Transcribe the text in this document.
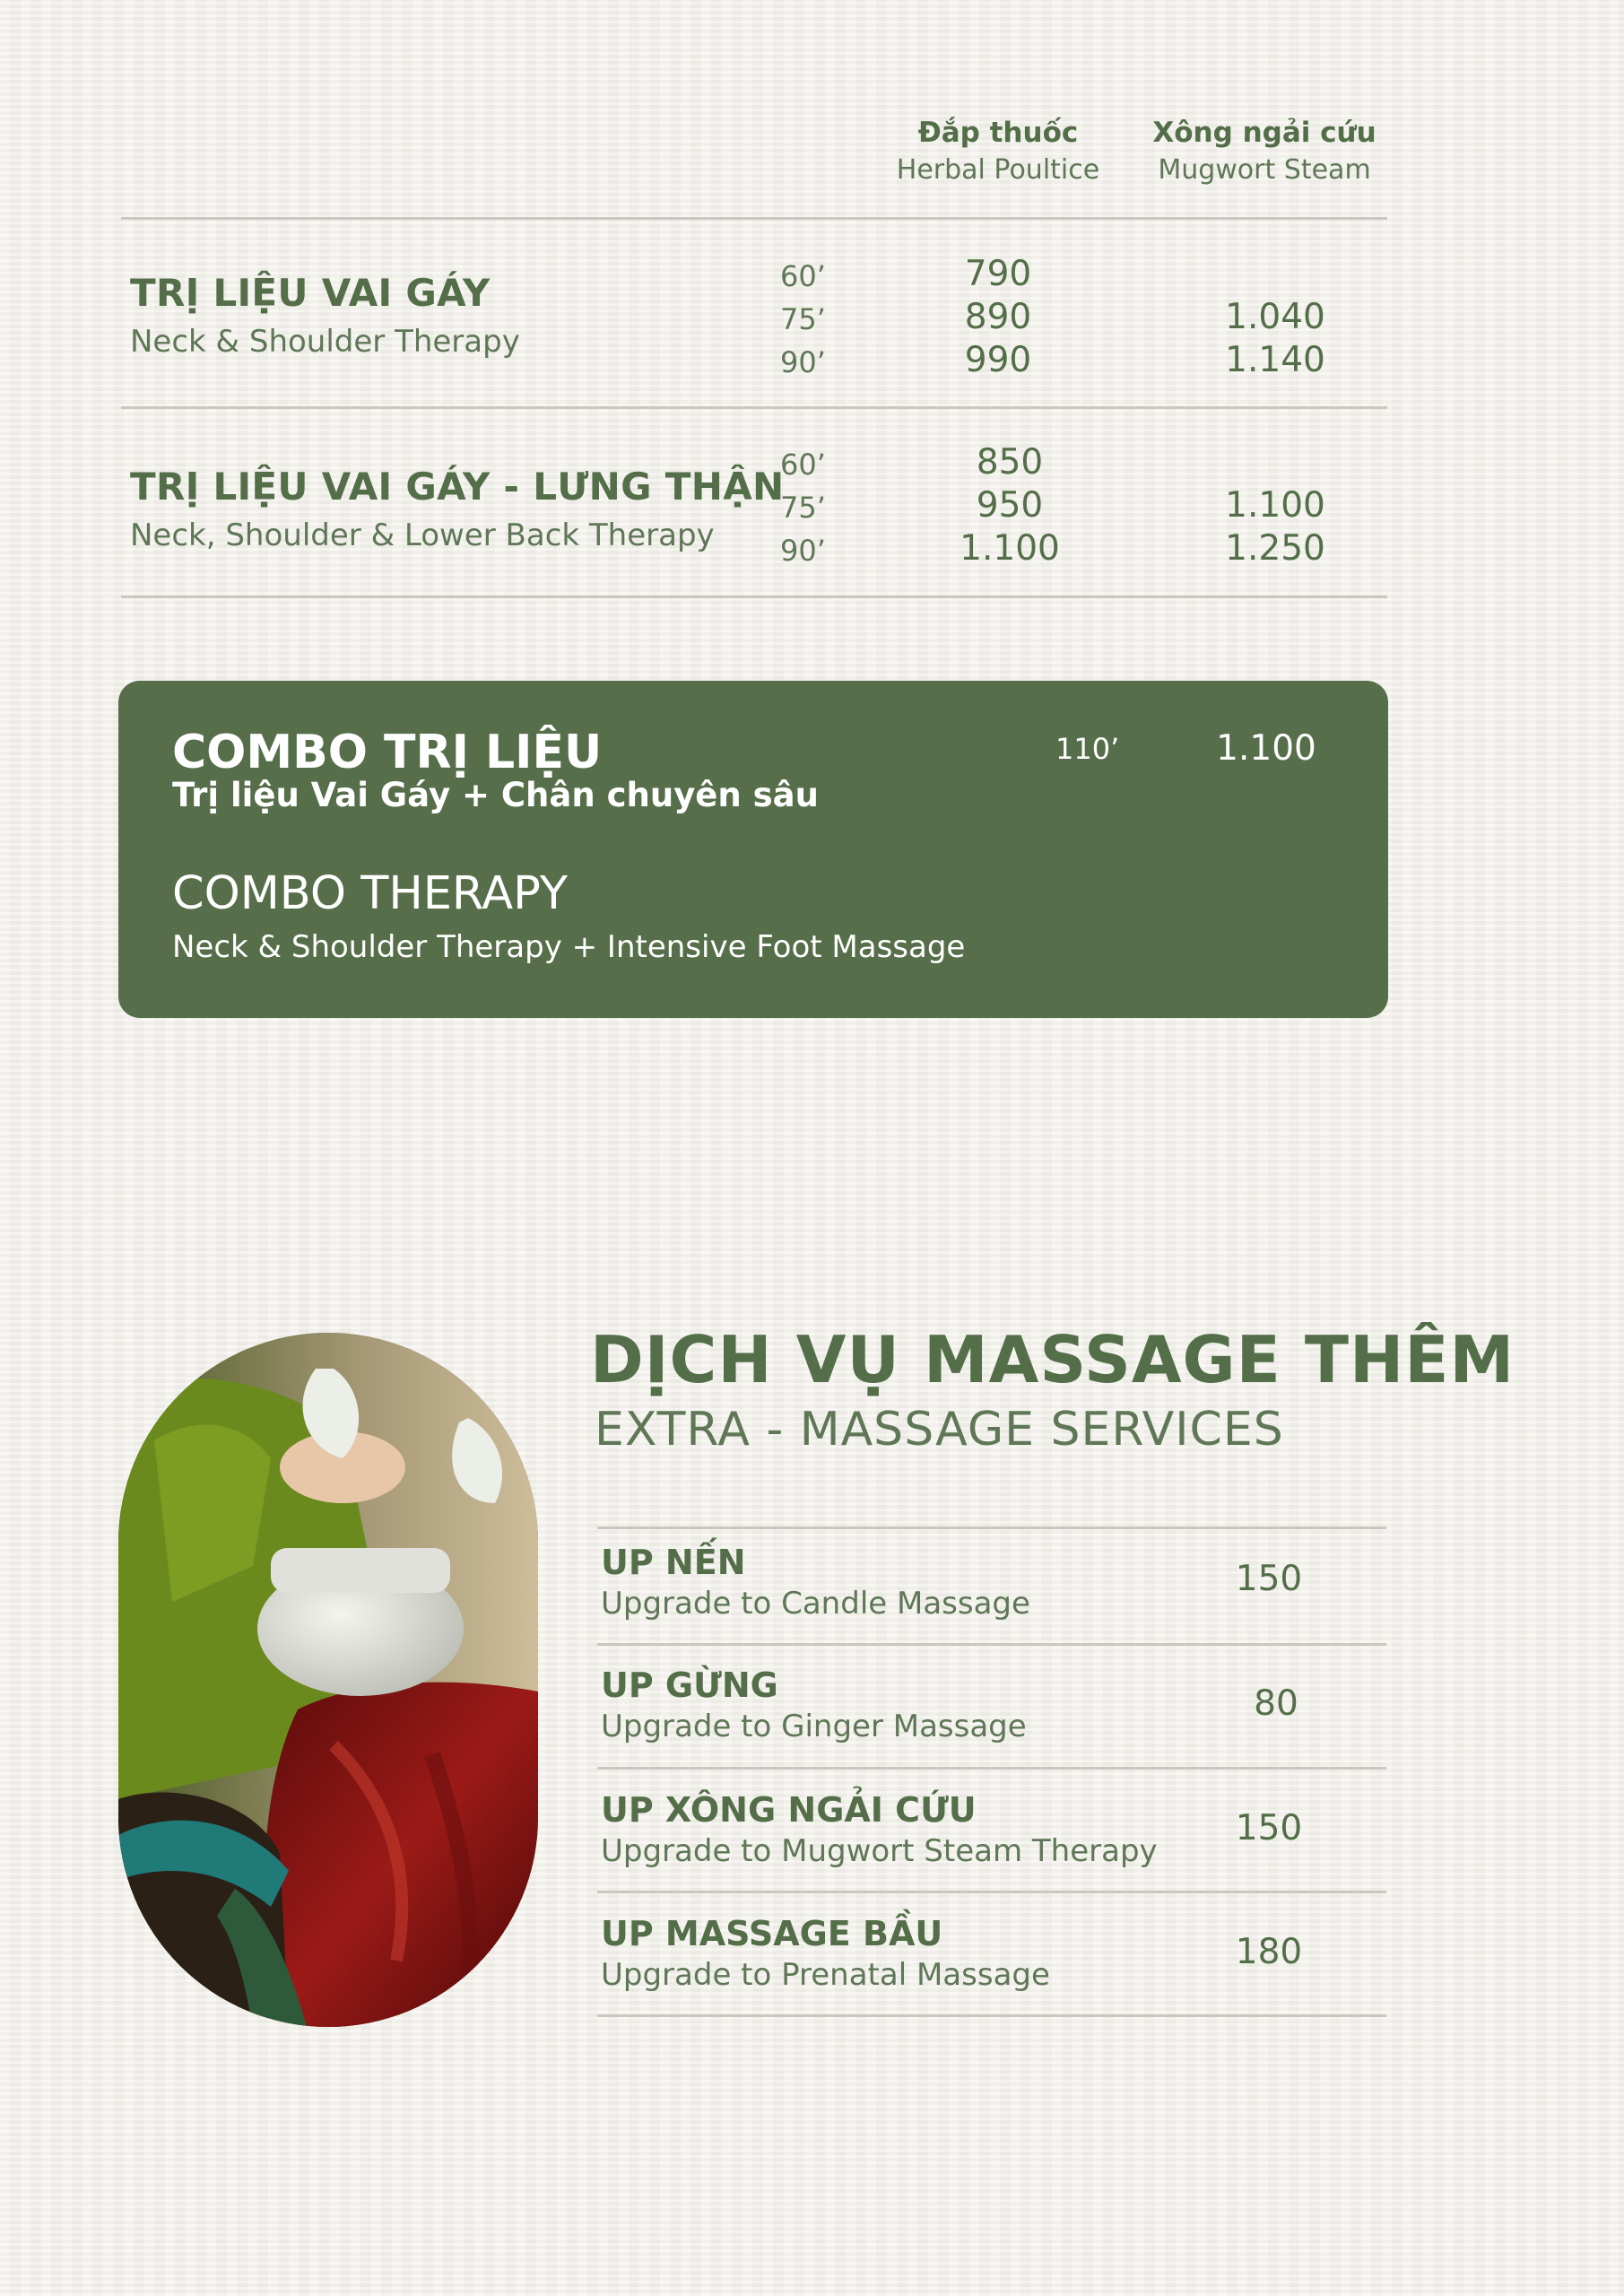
Đắp thuốc
Herbal Poultice
Xông ngải cứu
Mugwort Steam
TRỊ LIỆU VAI GÁY
Neck & Shoulder Therapy
60’
75’
90’
790
890
990

1.040
1.140
TRỊ LIỆU VAI GÁY - LƯNG THẬN
Neck, Shoulder & Lower Back Therapy
60’
75’
90’
850
950
1.100

1.100
1.250
COMBO TRỊ LIỆU
Trị liệu Vai Gáy + Chân chuyên sâu
COMBO THERAPY
Neck & Shoulder Therapy + Intensive Foot Massage
110’	1.100
DỊCH VỤ MASSAGE THÊM
EXTRA - MASSAGE SERVICES
UP NẾN
Upgrade to Candle Massage
150
UP GỪNG
Upgrade to Ginger Massage
80
UP XÔNG NGẢI CỨU
Upgrade to Mugwort Steam Therapy
150
UP MASSAGE BẦU
Upgrade to Prenatal Massage
180
